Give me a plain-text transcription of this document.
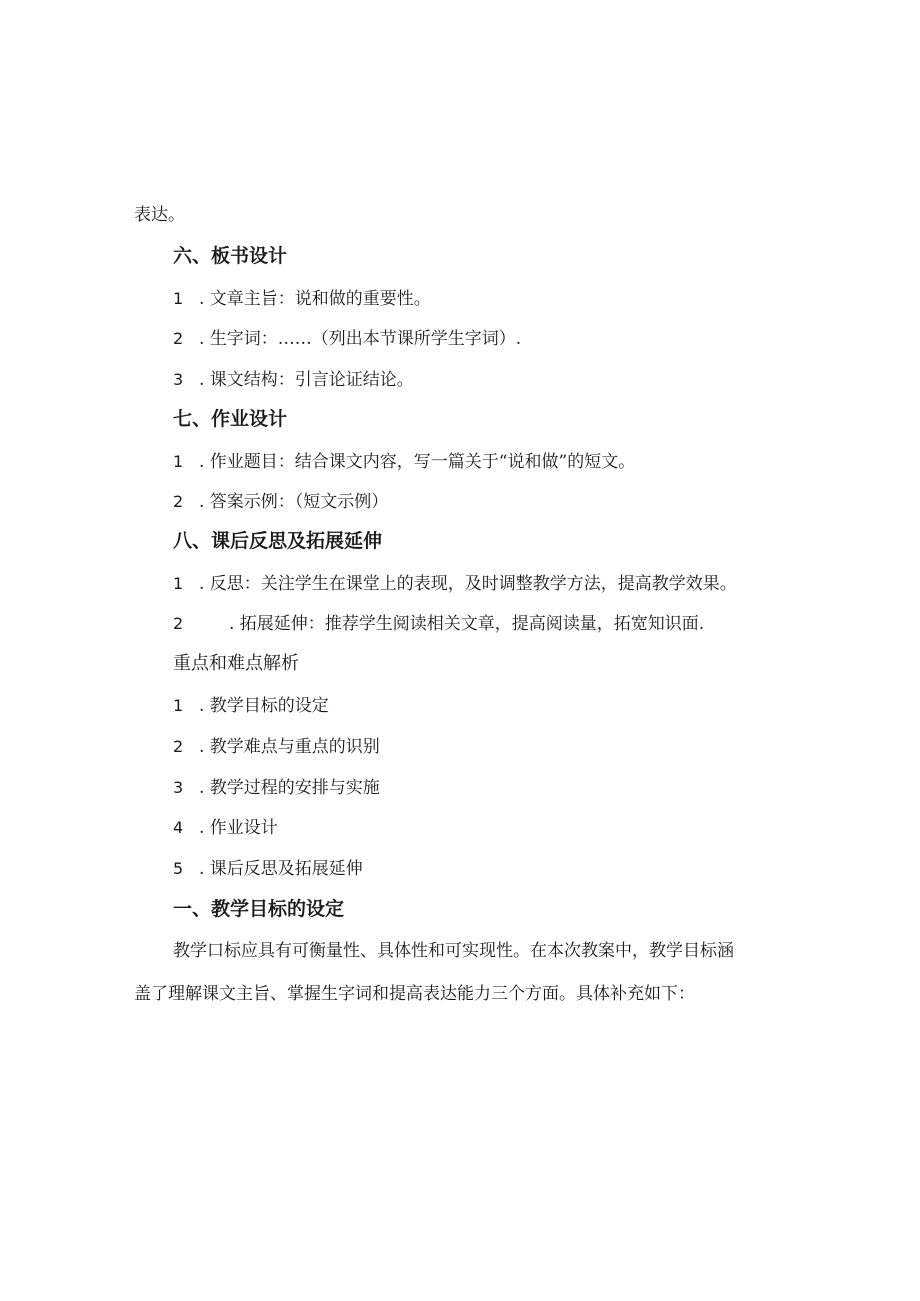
表达。
六、板书设计
1 . 文章主旨：说和做的重要性。
2 . 生字词：……（列出本节课所学生字词）.
3 . 课文结构：引言论证结论。
七、作业设计
1 . 作业题目：结合课文内容，写一篇关于“说和做”的短文。
2 . 答案示例：（短文示例）
八、课后反思及拓展延伸
1 . 反思：关注学生在课堂上的表现，及时调整教学方法，提高教学效果。
2	. 拓展延伸：推荐学生阅读相关文章，提高阅读量，拓宽知识面.
重点和难点解析
1 . 教学目标的设定
2 . 教学难点与重点的识别
3 . 教学过程的安排与实施
4 . 作业设计
5 . 课后反思及拓展延伸
一、教学目标的设定
教学口标应具有可衡量性、具体性和可实现性。在本次教案中，教学目标涵
盖了理解课文主旨、掌握生字词和提高表达能力三个方面。具体补充如下：
